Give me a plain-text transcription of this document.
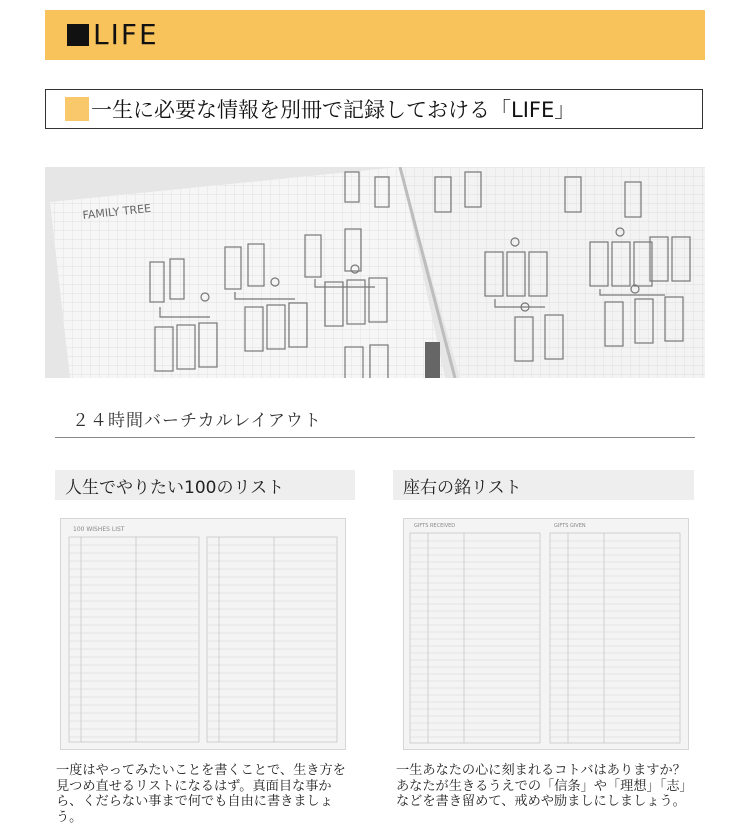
LIFE
一生に必要な情報を別冊で記録しておける「LIFE」
FAMILY TREE
２４時間バーチカルレイアウト
人生でやりたい100のリスト	座右の銘リスト
100 WISHES LIST	GIFTS RECEIVED	GIFTS GIVEN
一度はやってみたいことを書くことで、生き方を見つめ直せるリストになるはず。真面目な事から、くだらない事まで何でも自由に書きましょう。
一生あなたの心に刻まれるコトバはありますか？あなたが生きるうえでの「信条」や「理想」「志」などを書き留めて、戒めや励ましにしましょう。
